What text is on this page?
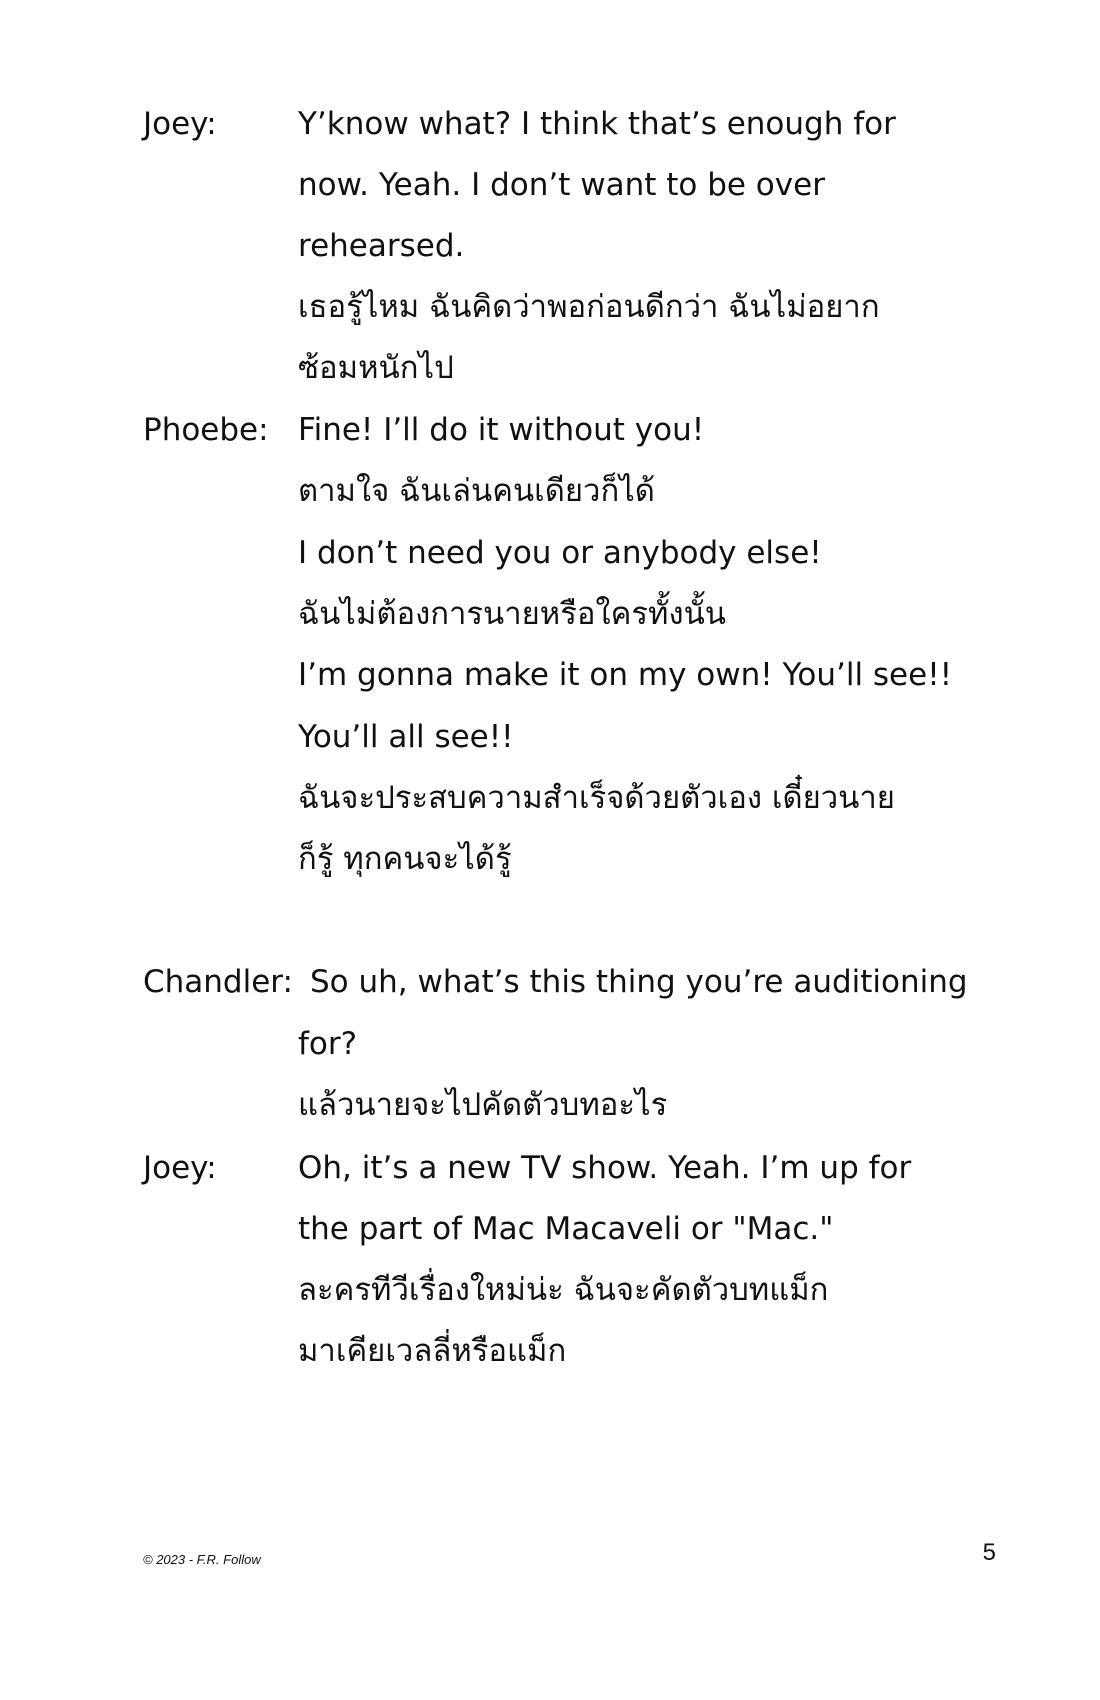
Joey:	Y’know what? I think that’s enough for
now. Yeah. I don’t want to be over
rehearsed.
เธอรู้ไหม ฉันคิดว่าพอก่อนดีกว่า ฉันไม่อยาก
ซ้อมหนักไป
Phoebe: Fine! I’ll do it without you!
ตามใจ ฉันเล่นคนเดียวก็ได้
I don’t need you or anybody else!
ฉันไม่ต้องการนายหรือใครทั้งนั้น
I’m gonna make it on my own! You’ll see!!
You’ll all see!!
ฉันจะประสบความสำเร็จด้วยตัวเอง เดี๋ยวนาย
ก็รู้ ทุกคนจะได้รู้
Chandler: So uh, what’s this thing you’re auditioning
for?
แล้วนายจะไปคัดตัวบทอะไร
Joey:	Oh, it’s a new TV show. Yeah. I’m up for
the part of Mac Macaveli or "Mac."
ละครทีวีเรื่องใหม่น่ะ ฉันจะคัดตัวบทแม็ก
มาเคียเวลลี่หรือแม็ก
© 2023 - F.R. Follow	5
